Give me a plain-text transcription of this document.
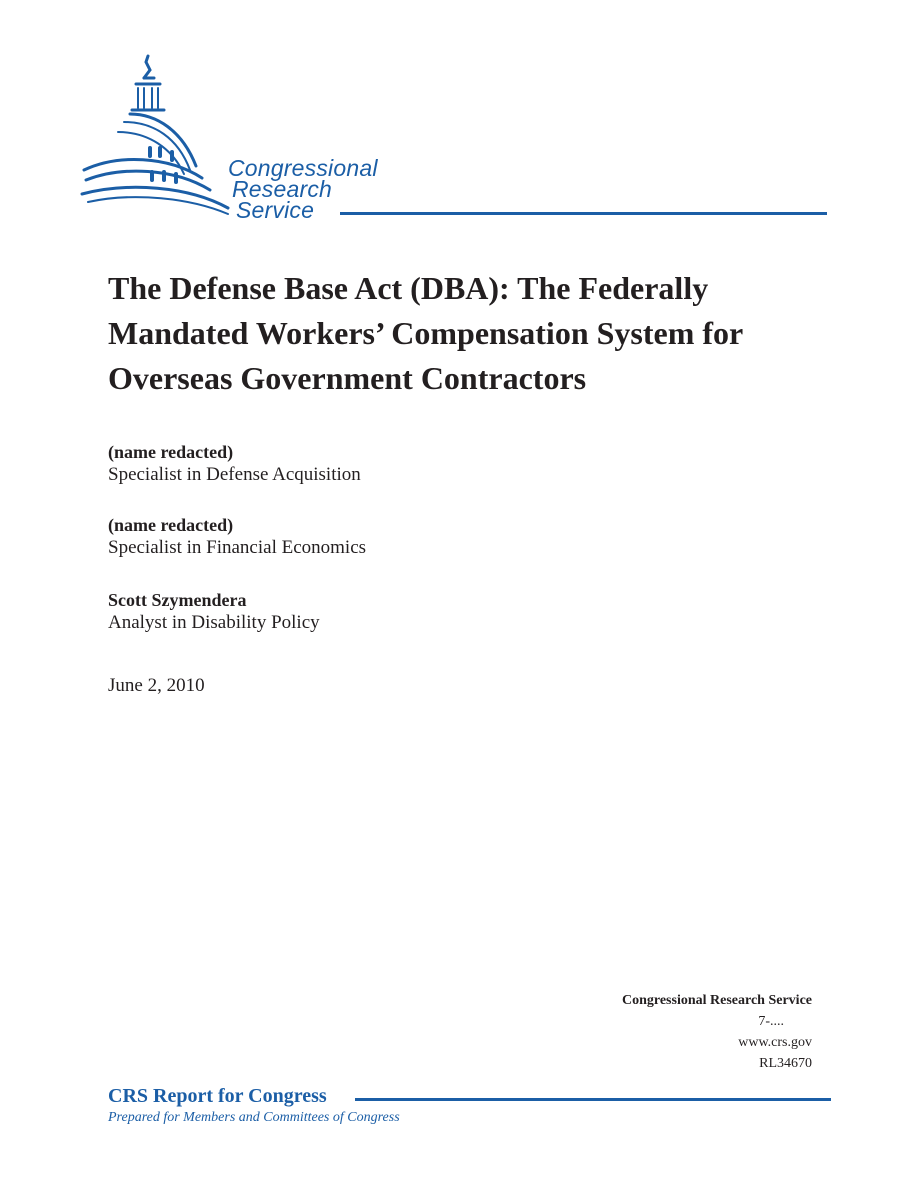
Congressional
Research
Service
The Defense Base Act (DBA): The Federally Mandated Workers’ Compensation System for Overseas Government Contractors
(name redacted)
Specialist in Defense Acquisition
(name redacted)
Specialist in Financial Economics
Scott Szymendera
Analyst in Disability Policy
June 2, 2010
Congressional Research Service
7-....
www.crs.gov
RL34670
CRS Report for Congress
Prepared for Members and Committees of Congress
